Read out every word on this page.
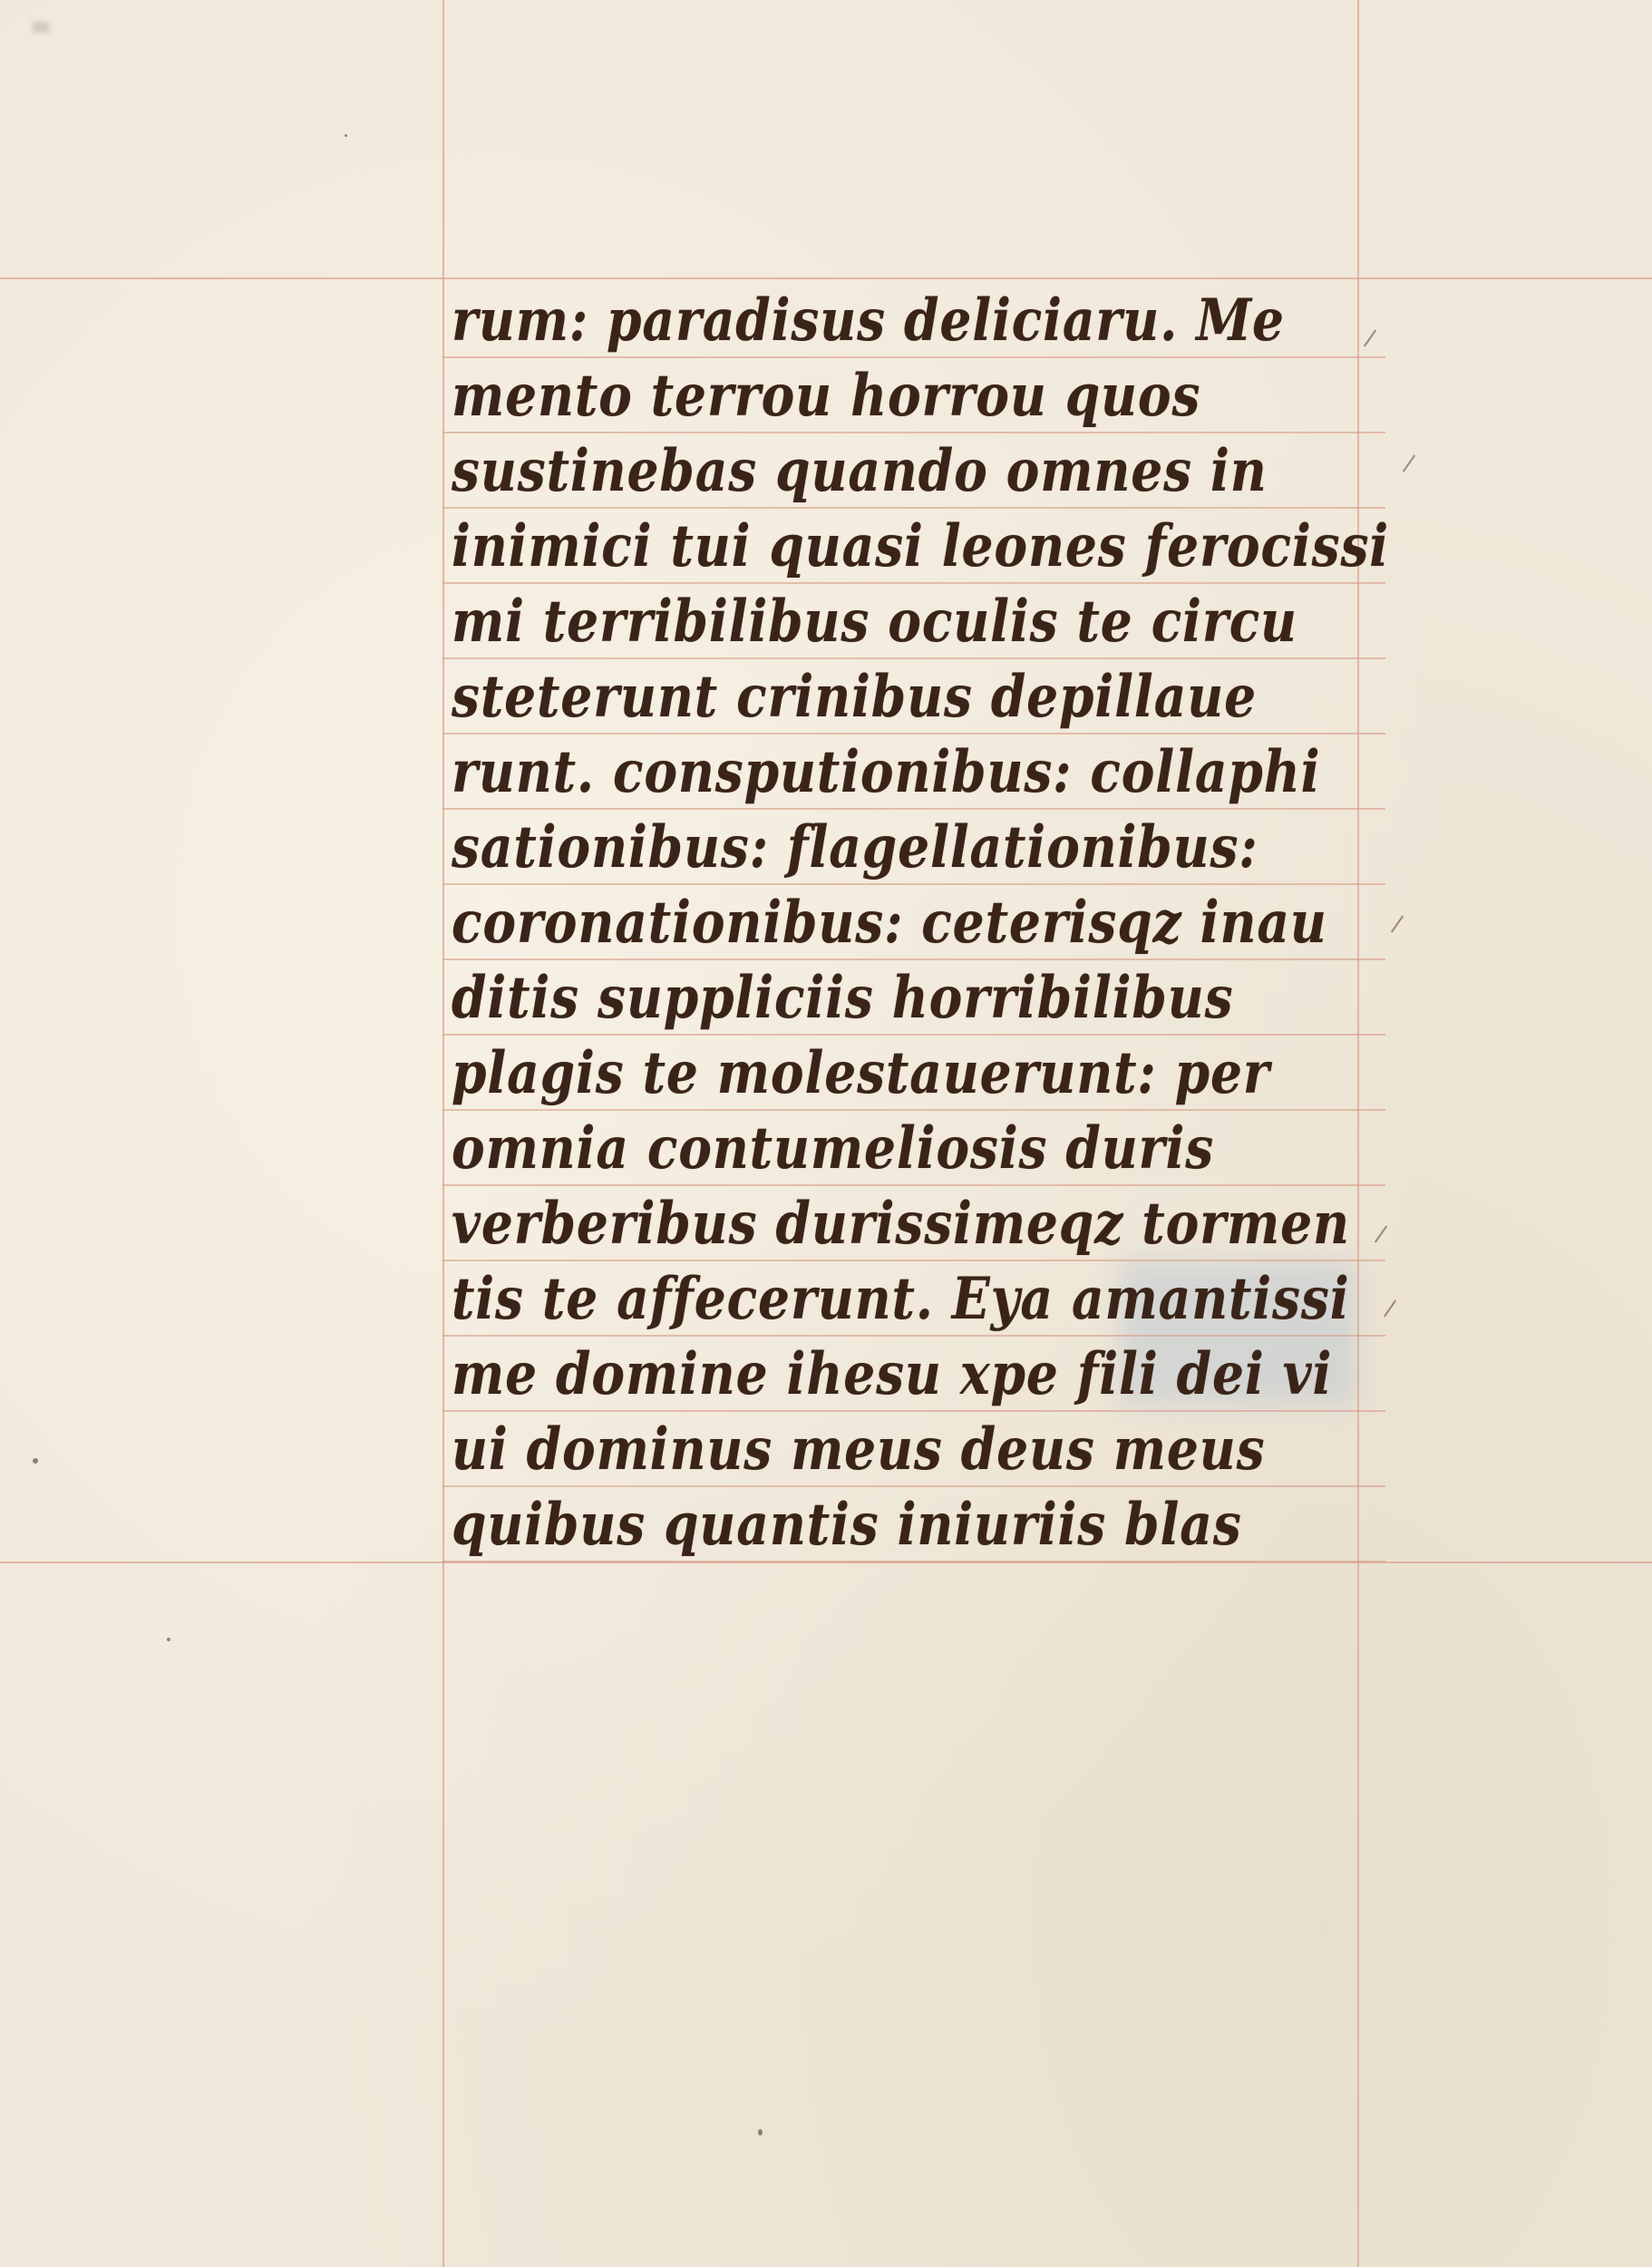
rum: paradisus deliciaru. Me
mento terrou horrou quos
sustinebas quando omnes in
inimici tui quasi leones ferocissi
mi terribilibus oculis te circu
steterunt crinibus depillaue
runt. consputionibus: collaphi
sationibus: flagellationibus:
coronationibus: ceterisqz inau
ditis suppliciis horribilibus
plagis te molestauerunt: per
omnia contumeliosis duris
verberibus durissimeqz tormen
tis te affecerunt. Eya amantissi
me domine ihesu xpe fili dei vi
ui dominus meus deus meus
quibus quantis iniuriis blas
